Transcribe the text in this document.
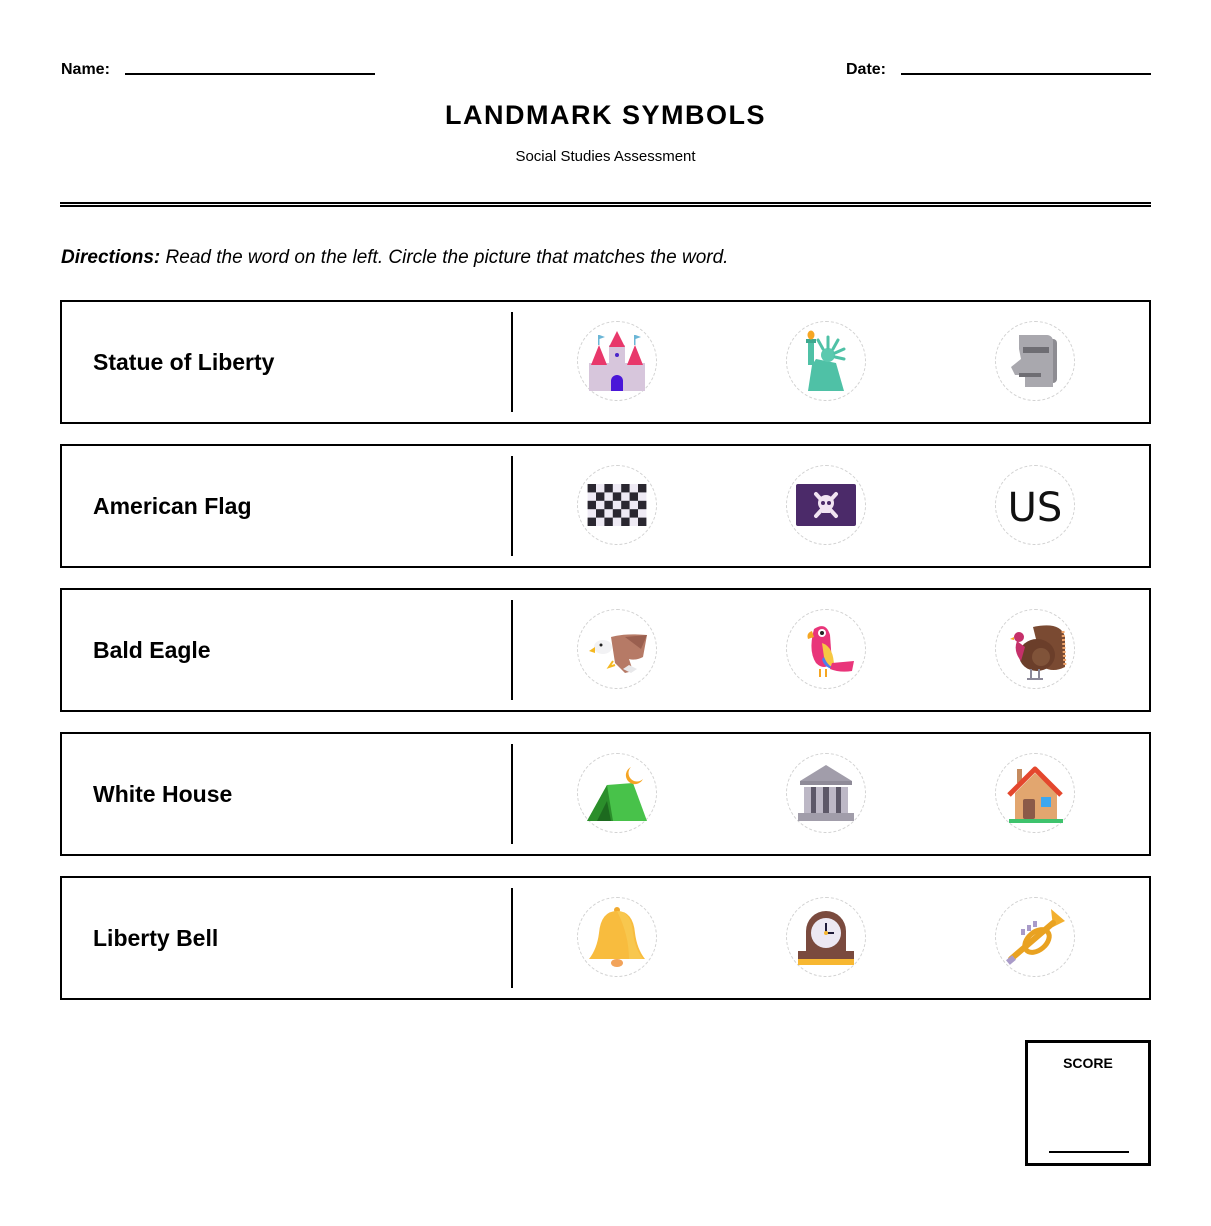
Name:	Date:
LANDMARK SYMBOLS
Social Studies Assessment
Directions: Read the word on the left. Circle the picture that matches the word.
Statue of Liberty
American Flag	US
Bald Eagle
White House
Liberty Bell
SCORE
